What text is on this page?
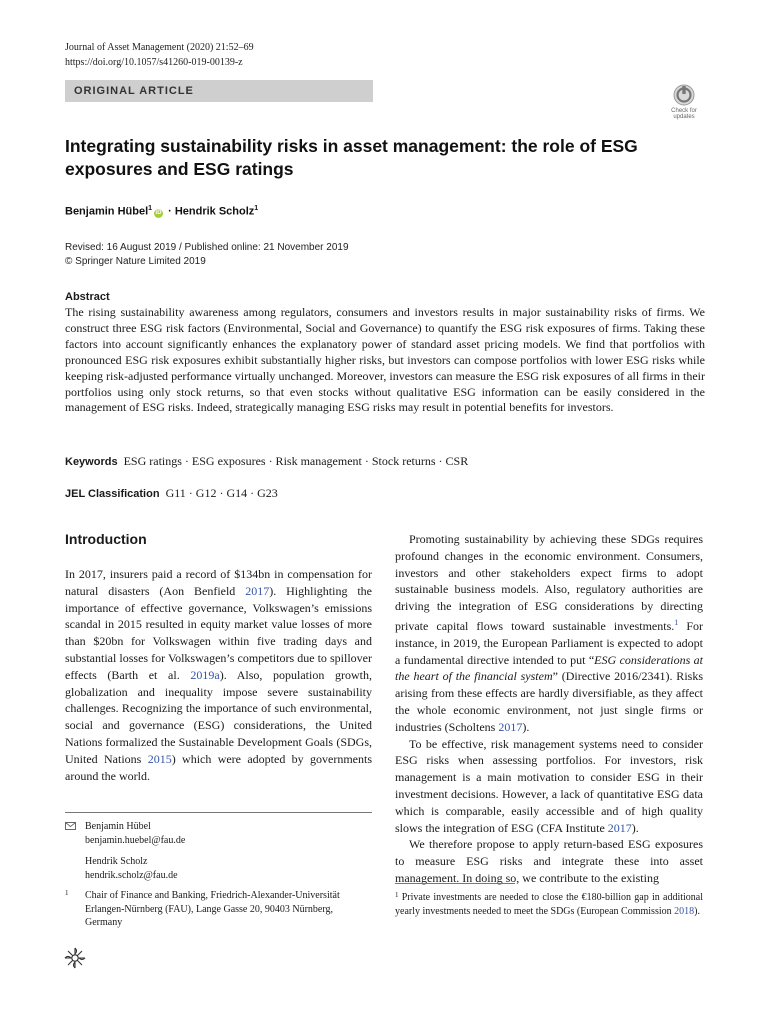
Journal of Asset Management (2020) 21:52–69
https://doi.org/10.1057/s41260-019-00139-z
ORIGINAL ARTICLE
Check for
updates
Integrating sustainability risks in asset management: the role of ESG exposures and ESG ratings
Benjamin Hübel$^1$iD · Hendrik Scholz$^1$
Revised: 16 August 2019 / Published online: 21 November 2019
© Springer Nature Limited 2019
Abstract

The rising sustainability awareness among regulators, consumers and investors results in major sustainability risks of firms. We construct three ESG risk factors (Environmental, Social and Governance) to quantify the ESG risk exposures of firms. Taking these factors into account significantly enhances the explanatory power of standard asset pricing models. We find that portfolios with pronounced ESG risk exposures exhibit substantially higher risks, but investors can compose portfolios with lower ESG risks while keeping risk-adjusted performance virtually unchanged. Moreover, investors can measure the ESG risk exposures of all firms in their portfolios using only stock returns, so that even stocks without qualitative ESG information can be easily considered in the management of ESG risks. Indeed, strategically managing ESG risks may result in potential benefits for investors.

Keywords ESG ratings · ESG exposures · Risk management · Stock returns · CSR
JEL Classification G11 · G12 · G14 · G23
Introduction

In 2017, insurers paid a record of $134bn in compensation for natural disasters (Aon Benfield 2017). Highlighting the importance of effective governance, Volkswagen’s emissions scandal in 2015 resulted in equity market value losses of more than $20bn for Volkswagen within five trading days and substantial losses for Volkswagen’s competitors due to spillover effects (Barth et al. 2019a). Also, population growth, globalization and inequality impose severe sustainability challenges. Recognizing the importance of such environmental, social and governance (ESG) considerations, the United Nations formalized the Sustainable Development Goals (SDGs, United Nations 2015) which were adopted by governments around the world.

Promoting sustainability by achieving these SDGs requires profound changes in the economic environment. Consumers, investors and other stakeholders expect firms to adopt sustainable business models. Also, regulatory authorities are driving the integration of ESG considerations by directing private capital flows toward sustainable investments.$^1$ For instance, in 2019, the European Parliament is expected to adopt a fundamental directive intended to put “ESG considerations at the heart of the financial system” (Directive 2016/2341). Risks arising from these effects are hardly diversifiable, as they affect the whole economic environment, not just single firms or industries (Scholtens 2017).

To be effective, risk management systems need to consider ESG risks when assessing portfolios. For investors, risk management is a main motivation to consider ESG in their investment decisions. However, a lack of quantitative ESG data which is comparable, easily accessible and of high quality slows the integration of ESG (CFA Institute 2017).

We therefore propose to apply return-based ESG exposures to measure ESG risks and integrate these into asset management. In doing so, we contribute to the existing

Benjamin Hübel
benjamin.huebel@fau.de
Hendrik Scholz
hendrik.scholz@fau.de
1 Chair of Finance and Banking, Friedrich-Alexander-Universität Erlangen-Nürnberg (FAU), Lange Gasse 20, 90403 Nürnberg, Germany

$^1$ Private investments are needed to close the €180-billion gap in additional yearly investments needed to meet the SDGs (European Commission 2018).
